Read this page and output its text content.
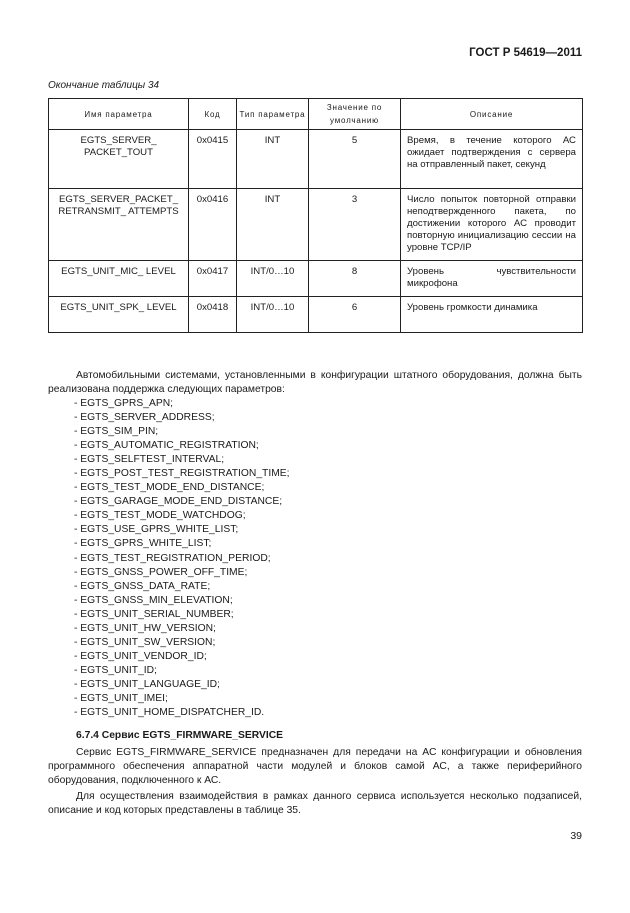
ГОСТ Р 54619—2011
Окончание таблицы 34
Имя параметра	Код	Тип параметра	Значение по умолчанию	Описание
EGTS_SERVER_ PACKET_TOUT	0x0415	INT	5	Время, в течение которого АС ожидает подтверждения с сервера на отправленный пакет, секунд
EGTS_SERVER_PACKET_ RETRANSMIT_ ATTEMPTS	0x0416	INT	3	Число попыток повторной отправки неподтвержденного пакета, по достижении которого АС проводит повторную инициализацию сессии на уровне TCP/IP
EGTS_UNIT_MIC_ LEVEL	0x0417	INT/0…10	8	Уровень чувствительности микрофона
EGTS_UNIT_SPK_ LEVEL	0x0418	INT/0…10	6	Уровень громкости динамика
Автомобильными системами, установленными в конфигурации штатного оборудования, должна быть реализована поддержка следующих параметров:
- EGTS_GPRS_APN;
- EGTS_SERVER_ADDRESS;
- EGTS_SIM_PIN;
- EGTS_AUTOMATIC_REGISTRATION;
- EGTS_SELFTEST_INTERVAL;
- EGTS_POST_TEST_REGISTRATION_TIME;
- EGTS_TEST_MODE_END_DISTANCE;
- EGTS_GARAGE_MODE_END_DISTANCE;
- EGTS_TEST_MODE_WATCHDOG;
- EGTS_USE_GPRS_WHITE_LIST;
- EGTS_GPRS_WHITE_LIST;
- EGTS_TEST_REGISTRATION_PERIOD;
- EGTS_GNSS_POWER_OFF_TIME;
- EGTS_GNSS_DATA_RATE;
- EGTS_GNSS_MIN_ELEVATION;
- EGTS_UNIT_SERIAL_NUMBER;
- EGTS_UNIT_HW_VERSION;
- EGTS_UNIT_SW_VERSION;
- EGTS_UNIT_VENDOR_ID;
- EGTS_UNIT_ID;
- EGTS_UNIT_LANGUAGE_ID;
- EGTS_UNIT_IMEI;
- EGTS_UNIT_HOME_DISPATCHER_ID.
6.7.4 Сервис EGTS_FIRMWARE_SERVICE
Сервис EGTS_FIRMWARE_SERVICE предназначен для передачи на АС конфигурации и обновления программного обеспечения аппаратной части модулей и блоков самой АС, а также периферийного оборудования, подключенного к АС.
Для осуществления взаимодействия в рамках данного сервиса используется несколько подзаписей, описание и код которых представлены в таблице 35.
39
